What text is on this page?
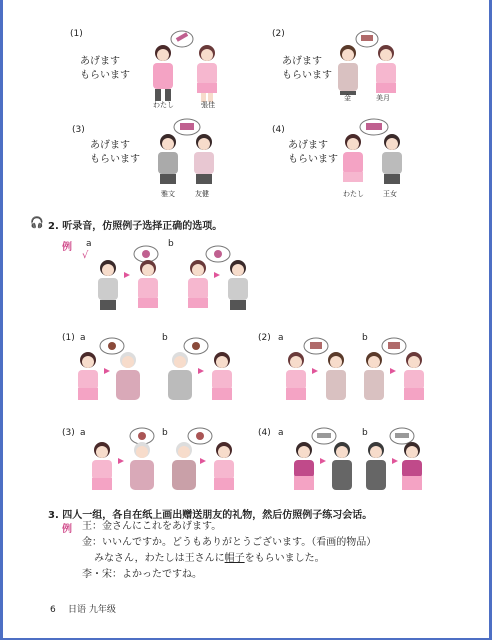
(1)
あげます
もらいます
わたし	張佳
(2)
あげます
もらいます
金	美月
(3)
あげます
もらいます
雅文	友健
(4)
あげます
もらいます
わたし	王女
🎧 2. 听录音，仿照例子选择正确的选项。
例 a
√
b
(1) a	b	(2) a	b
(3) a	b	(4) a	b
3. 四人一组，各自在纸上画出赠送朋友的礼物，然后仿照例子练习会话。
例 王：金さんにこれをあげます。
金：いいんですか。どうもありがとうございます。（看画的物品）
みなさん，わたしは王さんに帽子をもらいました。
李・宋：よかったですね。
6 日语 九年级
